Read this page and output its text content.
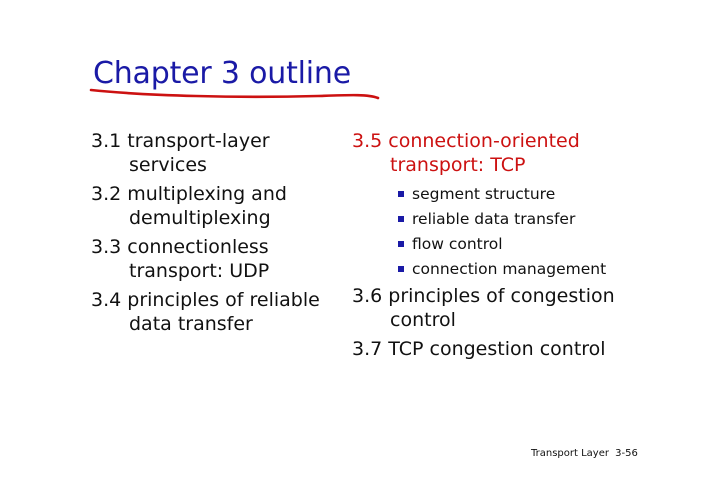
Chapter 3 outline
3.1 transport-layer
services
3.2 multiplexing and
demultiplexing
3.3 connectionless
transport: UDP
3.4 principles of reliable
data transfer
3.5 connection-oriented
transport: TCP
segment structure
reliable data transfer
flow control
connection management
3.6 principles of congestion
control
3.7 TCP congestion control
Transport Layer 3-56
